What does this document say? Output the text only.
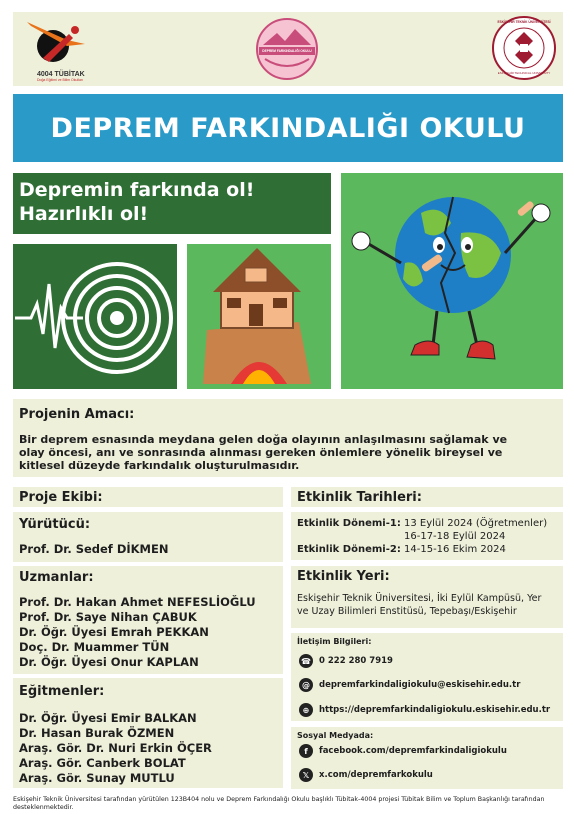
4004 TÜBİTAK
Doğa Eğitimi ve Bilim Okulları
DEPREM FARKINDALIĞI OKULU
ESKİŞEHİR TEKNİK ÜNİVERSİTESİ
ESKİŞEHİR TECHNICAL UNIVERSITY
DEPREM FARKINDALIĞI OKULU
Depremin farkında ol!
Hazırlıklı ol!
Projenin Amacı:
Bir deprem esnasında meydana gelen doğa olayının anlaşılmasını sağlamak ve olay öncesi, anı ve sonrasında alınması gereken önlemlere yönelik bireysel ve kitlesel düzeyde farkındalık oluşturulmasıdır.
Proje Ekibi:
Yürütücü:
Prof. Dr. Sedef DİKMEN
Uzmanlar:
Prof. Dr. Hakan Ahmet NEFESLİOĞLU
Prof. Dr. Saye Nihan ÇABUK
Dr. Öğr. Üyesi Emrah PEKKAN
Doç. Dr. Muammer TÜN
Dr. Öğr. Üyesi Onur KAPLAN
Eğitmenler:
Dr. Öğr. Üyesi Emir BALKAN
Dr. Hasan Burak ÖZMEN
Araş. Gör. Dr. Nuri Erkin ÖÇER
Araş. Gör. Canberk BOLAT
Araş. Gör. Sunay MUTLU
Etkinlik Tarihleri:
Etkinlik Dönemi-1: 13 Eylül 2024 (Öğretmenler)
16-17-18 Eylül 2024
Etkinlik Dönemi-2: 14-15-16 Ekim 2024
Etkinlik Yeri:
Eskişehir Teknik Üniversitesi, İki Eylül Kampüsü, Yer ve Uzay Bilimleri Enstitüsü, Tepebaşı/Eskişehir
İletişim Bilgileri:
☎ 0 222 280 7919
@	depremfarkindaligiokulu@eskisehir.edu.tr
⊕	https://depremfarkindaligiokulu.eskisehir.edu.tr
Sosyal Medyada:
f	facebook.com/depremfarkindaligiokulu
𝕏	x.com/depremfarkokulu
Eskişehir Teknik Üniversitesi tarafından yürütülen 123B404 nolu ve Deprem Farkındalığı Okulu başlıklı Tübitak-4004 projesi Tübitak Bilim ve Toplum Başkanlığı tarafından desteklenmektedir.
